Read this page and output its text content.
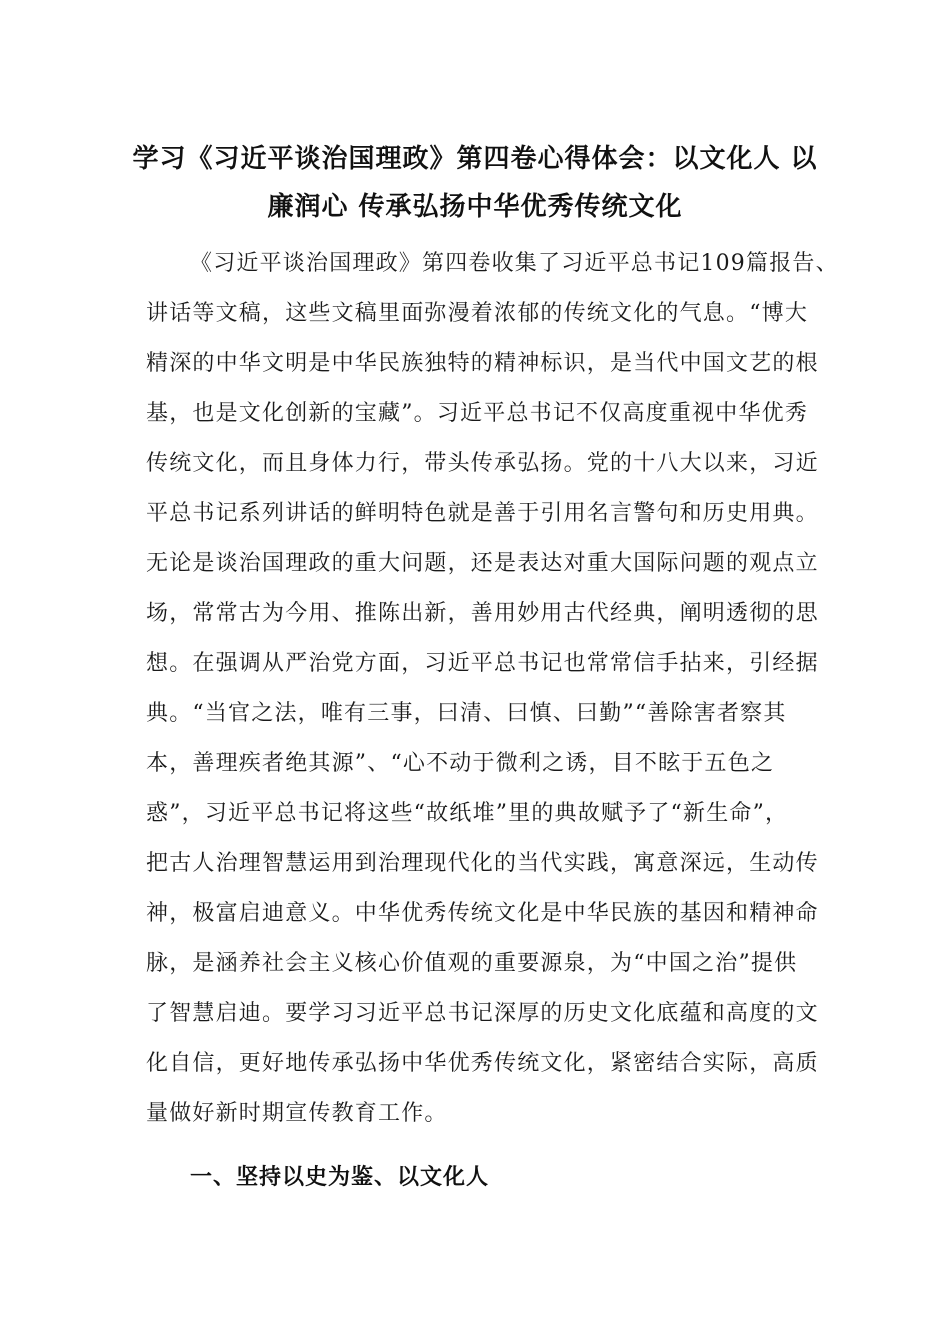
学习《习近平谈治国理政》第四卷心得体会：以文化人 以
廉润心 传承弘扬中华优秀传统文化
《习近平谈治国理政》第四卷收集了习近平总书记109篇报告、
讲话等文稿，这些文稿里面弥漫着浓郁的传统文化的气息。“博大
精深的中华文明是中华民族独特的精神标识，是当代中国文艺的根
基，也是文化创新的宝藏”。习近平总书记不仅高度重视中华优秀
传统文化，而且身体力行，带头传承弘扬。党的十八大以来，习近
平总书记系列讲话的鲜明特色就是善于引用名言警句和历史用典。
无论是谈治国理政的重大问题，还是表达对重大国际问题的观点立
场，常常古为今用、推陈出新，善用妙用古代经典，阐明透彻的思
想。在强调从严治党方面，习近平总书记也常常信手拈来，引经据
典。“当官之法，唯有三事，曰清、曰慎、曰勤”“善除害者察其
本，善理疾者绝其源”、“心不动于微利之诱，目不眩于五色之
惑”，习近平总书记将这些“故纸堆”里的典故赋予了“新生命”，
把古人治理智慧运用到治理现代化的当代实践，寓意深远，生动传
神，极富启迪意义。中华优秀传统文化是中华民族的基因和精神命
脉，是涵养社会主义核心价值观的重要源泉，为“中国之治”提供
了智慧启迪。要学习习近平总书记深厚的历史文化底蕴和高度的文
化自信，更好地传承弘扬中华优秀传统文化，紧密结合实际，高质
量做好新时期宣传教育工作。
一、坚持以史为鉴、以文化人
